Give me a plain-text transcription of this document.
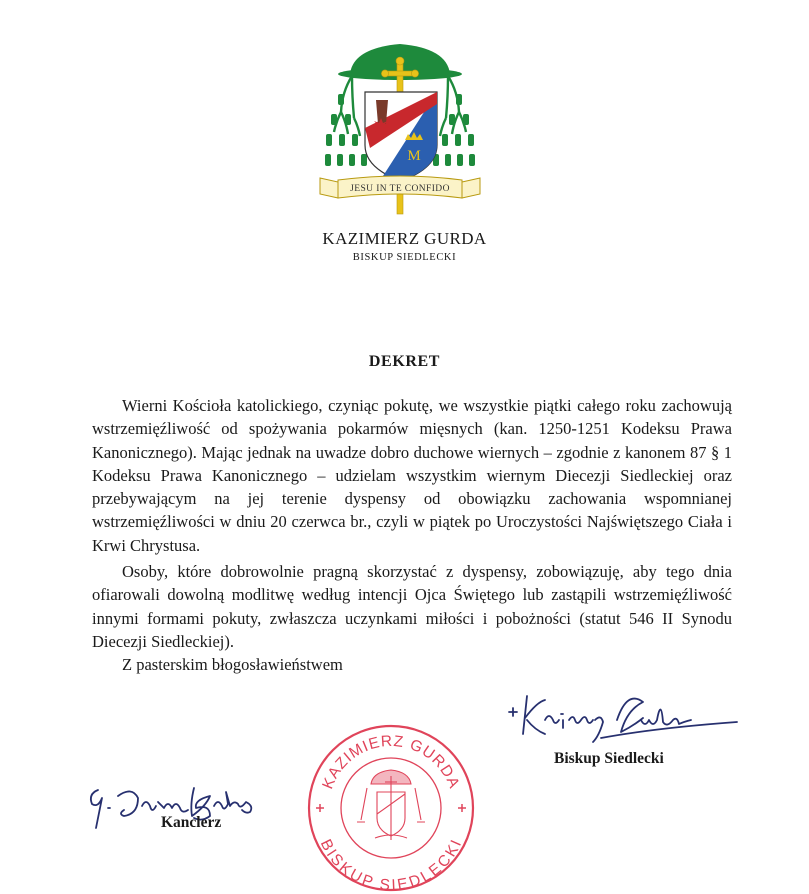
M
JESU IN TE CONFIDO
KAZIMIERZ GURDA
BISKUP SIEDLECKI
DEKRET

Wierni Kościoła katolickiego, czyniąc pokutę, we wszystkie piątki całego roku zachowują wstrzemięźliwość od spożywania pokarmów mięsnych (kan. 1250-1251 Kodeksu Prawa Kanonicznego). Mając jednak na uwadze dobro duchowe wiernych – zgodnie z kanonem 87 § 1 Kodeksu Prawa Kanonicznego – udzielam wszystkim wiernym Diecezji Siedleckiej oraz przebywającym na jej terenie dyspensy od obowiązku zachowania wspomnianej wstrzemięźliwości w dniu 20 czerwca br., czyli w piątek po Uroczystości Najświętszego Ciała i Krwi Chrystusa.

Osoby, które dobrowolnie pragną skorzystać z dyspensy, zobowiązuję, aby tego dnia ofiarowali dowolną modlitwę według intencji Ojca Świętego lub zastąpili wstrzemięźliwość innymi formami pokuty, zwłaszcza uczynkami miłości i pobożności (statut 546 II Synodu Diecezji Siedleckiej).

Z pasterskim błogosławieństwem
Biskup Siedlecki
Kanclerz
KAZIMIERZ GURDA
BISKUP SIEDLECKI
